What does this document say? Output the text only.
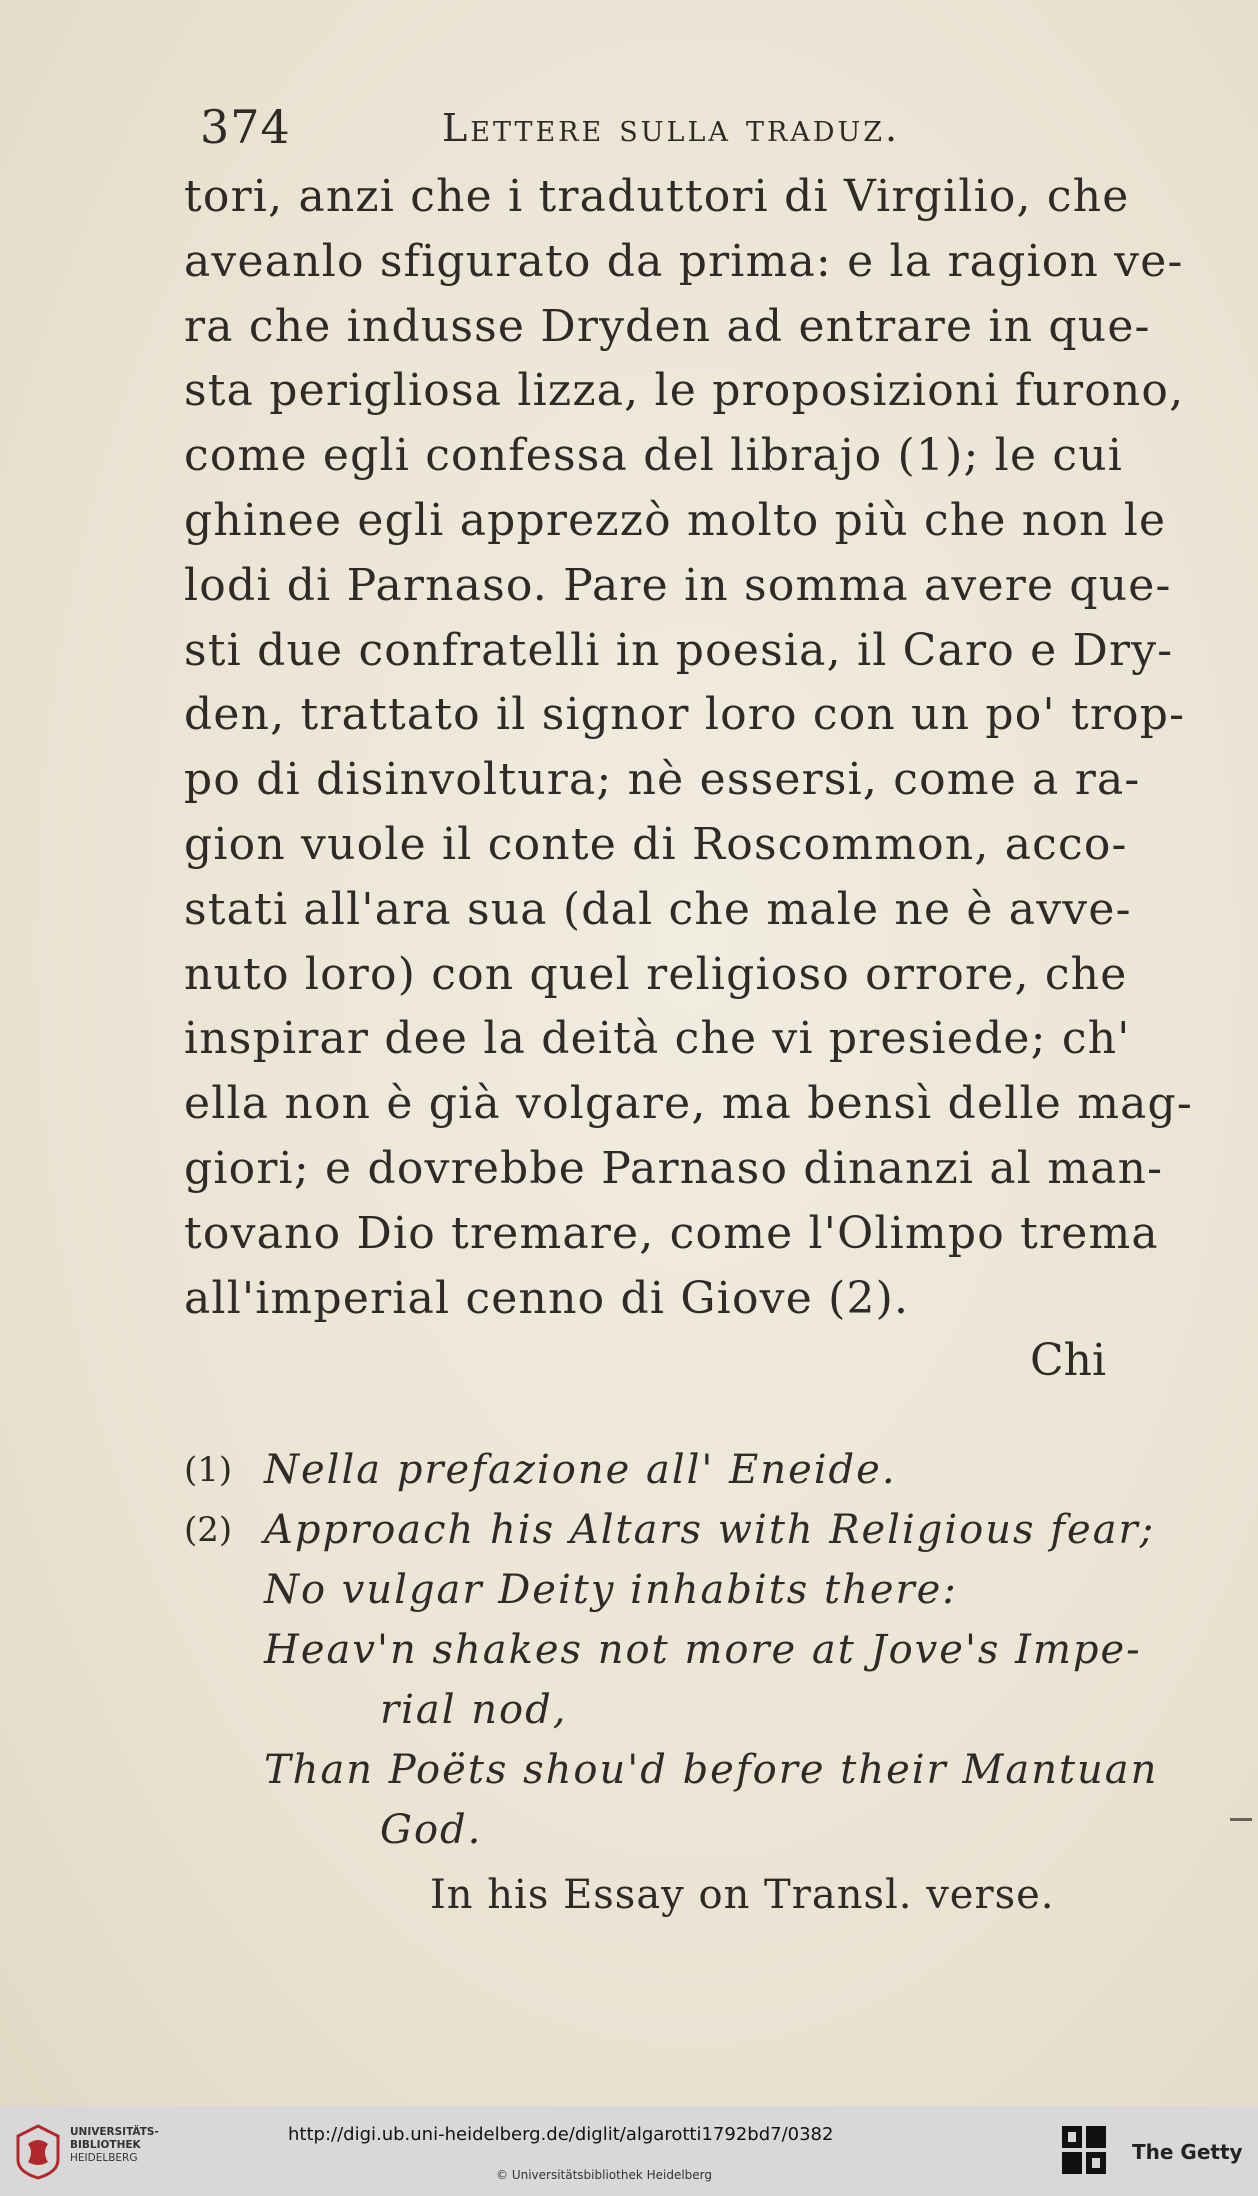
374	Lettere sulla traduz.
tori, anzi che i traduttori di Virgilio, che
aveanlo sfigurato da prima: e la ragion ve-
ra che indusse Dryden ad entrare in que-
sta perigliosa lizza, le proposizioni furono,
come egli confessa del librajo (1); le cui
ghinee egli apprezzò molto più che non le
lodi di Parnaso. Pare in somma avere que-
sti due confratelli in poesia, il Caro e Dry-
den, trattato il signor loro con un po' trop-
po di disinvoltura; nè essersi, come a ra-
gion vuole il conte di Roscommon, acco-
stati all'ara sua (dal che male ne è avve-
nuto loro) con quel religioso orrore, che
inspirar dee la deità che vi presiede; ch'
ella non è già volgare, ma bensì delle mag-
giori; e dovrebbe Parnaso dinanzi al man-
tovano Dio tremare, come l'Olimpo trema
all'imperial cenno di Giove (2).
Chi
(1) Nella prefazione all' Eneide.
(2) Approach his Altars with Religious fear;
No vulgar Deity inhabits there:
Heav'n shakes not more at Jove's Impe-
rial nod,
Than Poëts shou'd before their Mantuan
God.
In his Essay on Transl. verse.
UNIVERSITÄTS-
BIBLIOTHEK
HEIDELBERG
http://digi.ub.uni-heidelberg.de/diglit/algarotti1792bd7/0382
© Universitätsbibliothek Heidelberg
The Getty
